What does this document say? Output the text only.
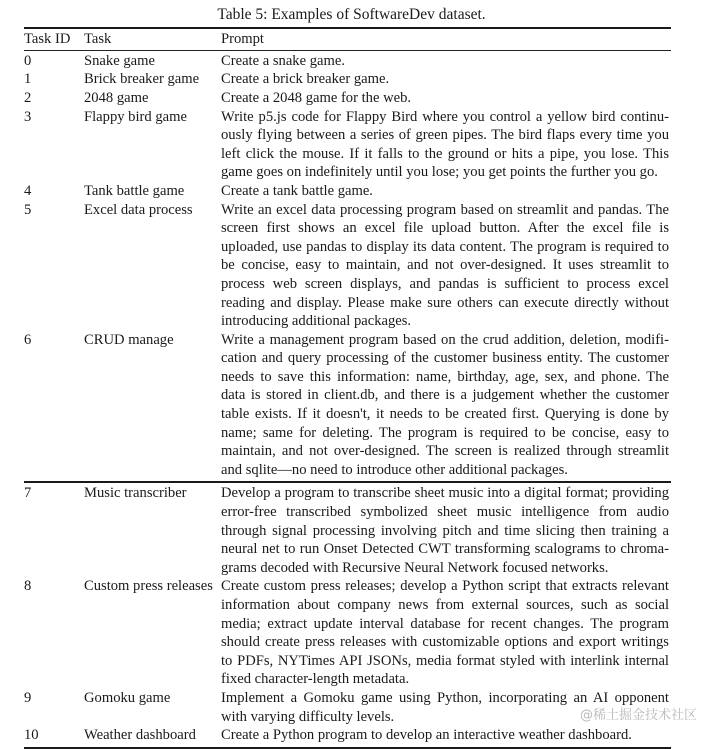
Table 5: Examples of SoftwareDev dataset.
Task ID	Task	Prompt
0	Snake game	Create a snake game.
1	Brick breaker game	Create a brick breaker game.
2	2048 game	Create a 2048 game for the web.
3	Flappy bird game	Write p5.js code for Flappy Bird where you control a yellow bird continuously flying between a series of green pipes. The bird flaps every time you left click the mouse. If it falls to the ground or hits a pipe, you lose. This game goes on indefinitely until you lose; you get points the further you go.
4	Tank battle game	Create a tank battle game.
5	Excel data process	Write an excel data processing program based on streamlit and pandas. The screen first shows an excel file upload button. After the excel file is uploaded, use pandas to display its data content. The program is required to be concise, easy to maintain, and not over-designed. It uses streamlit to process web screen displays, and pandas is sufficient to process excel reading and display. Please make sure others can execute directly without introducing additional packages.
6	CRUD manage	Write a management program based on the crud addition, deletion, modification and query processing of the customer business entity. The customer needs to save this information: name, birthday, age, sex, and phone. The data is stored in client.db, and there is a judgement whether the customer table exists. If it doesn't, it needs to be created first. Querying is done by name; same for deleting. The program is required to be concise, easy to maintain, and not over-designed. The screen is realized through streamlit and sqlite—no need to introduce other additional packages.
7	Music transcriber	Develop a program to transcribe sheet music into a digital format; providing error-free transcribed symbolized sheet music intelligence from audio through signal processing involving pitch and time slicing then training a neural net to run Onset Detected CWT transforming scalograms to chromagrams decoded with Recursive Neural Network focused networks.
8	Custom press releases	Create custom press releases; develop a Python script that extracts relevant information about company news from external sources, such as social media; extract update interval database for recent changes. The program should create press releases with customizable options and export writings to PDFs, NYTimes API JSONs, media format styled with interlink internal fixed character-length metadata.
9	Gomoku game	Implement a Gomoku game using Python, incorporating an AI opponent with varying difficulty levels.
10	Weather dashboard	Create a Python program to develop an interactive weather dashboard.
@稀土掘金技术社区
